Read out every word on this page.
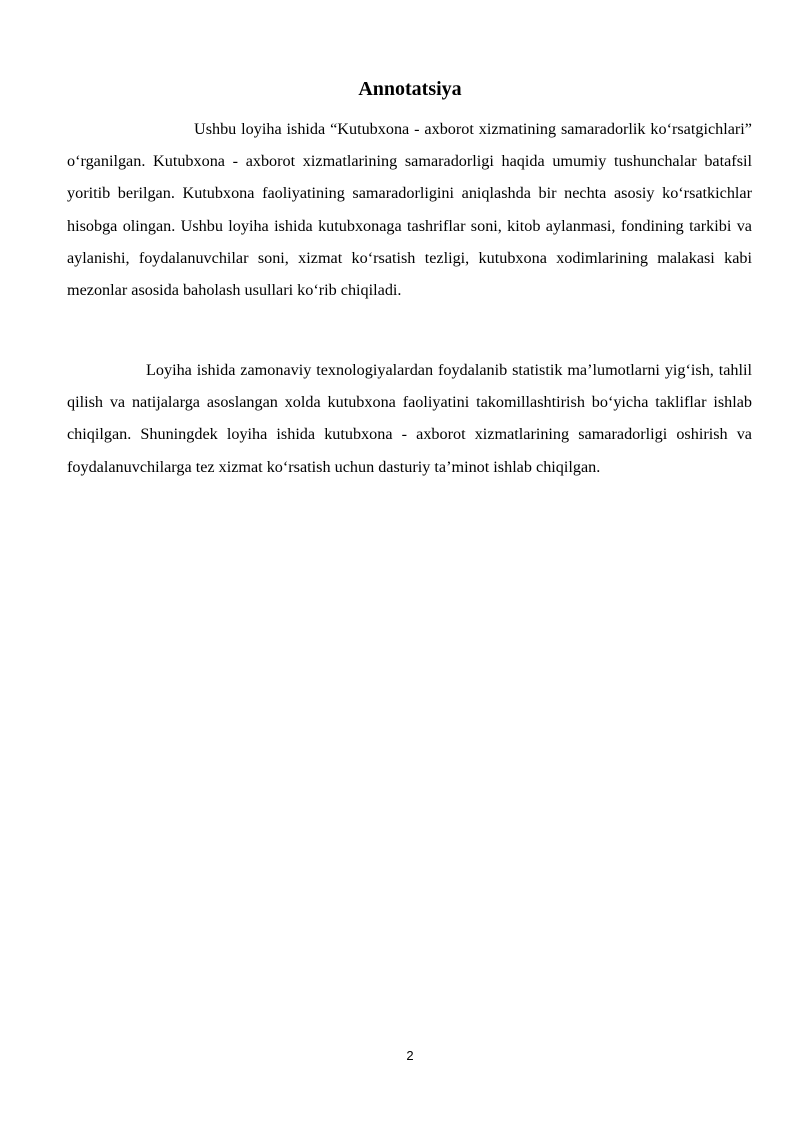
Annotatsiya

Ushbu loyiha ishida “Kutubxona - axborot xizmatining samaradorlik ko‘rsatgichlari” o‘rganilgan. Kutubxona - axborot xizmatlarining samaradorligi haqida umumiy tushunchalar batafsil yoritib berilgan. Kutubxona faoliyatining samaradorligini aniqlashda bir nechta asosiy ko‘rsatkichlar hisobga olingan. Ushbu loyiha ishida kutubxonaga tashriflar soni, kitob aylanmasi, fondining tarkibi va aylanishi, foydalanuvchilar soni, xizmat ko‘rsatish tezligi, kutubxona xodimlarining malakasi kabi mezonlar asosida baholash usullari ko‘rib chiqiladi.

Loyiha ishida zamonaviy texnologiyalardan foydalanib statistik ma’lumotlarni yig‘ish, tahlil qilish va natijalarga asoslangan xolda kutubxona faoliyatini takomillashtirish bo‘yicha takliflar ishlab chiqilgan. Shuningdek loyiha ishida kutubxona - axborot xizmatlarining samaradorligi oshirish va foydalanuvchilarga tez xizmat ko‘rsatish uchun dasturiy ta’minot ishlab chiqilgan.

2
